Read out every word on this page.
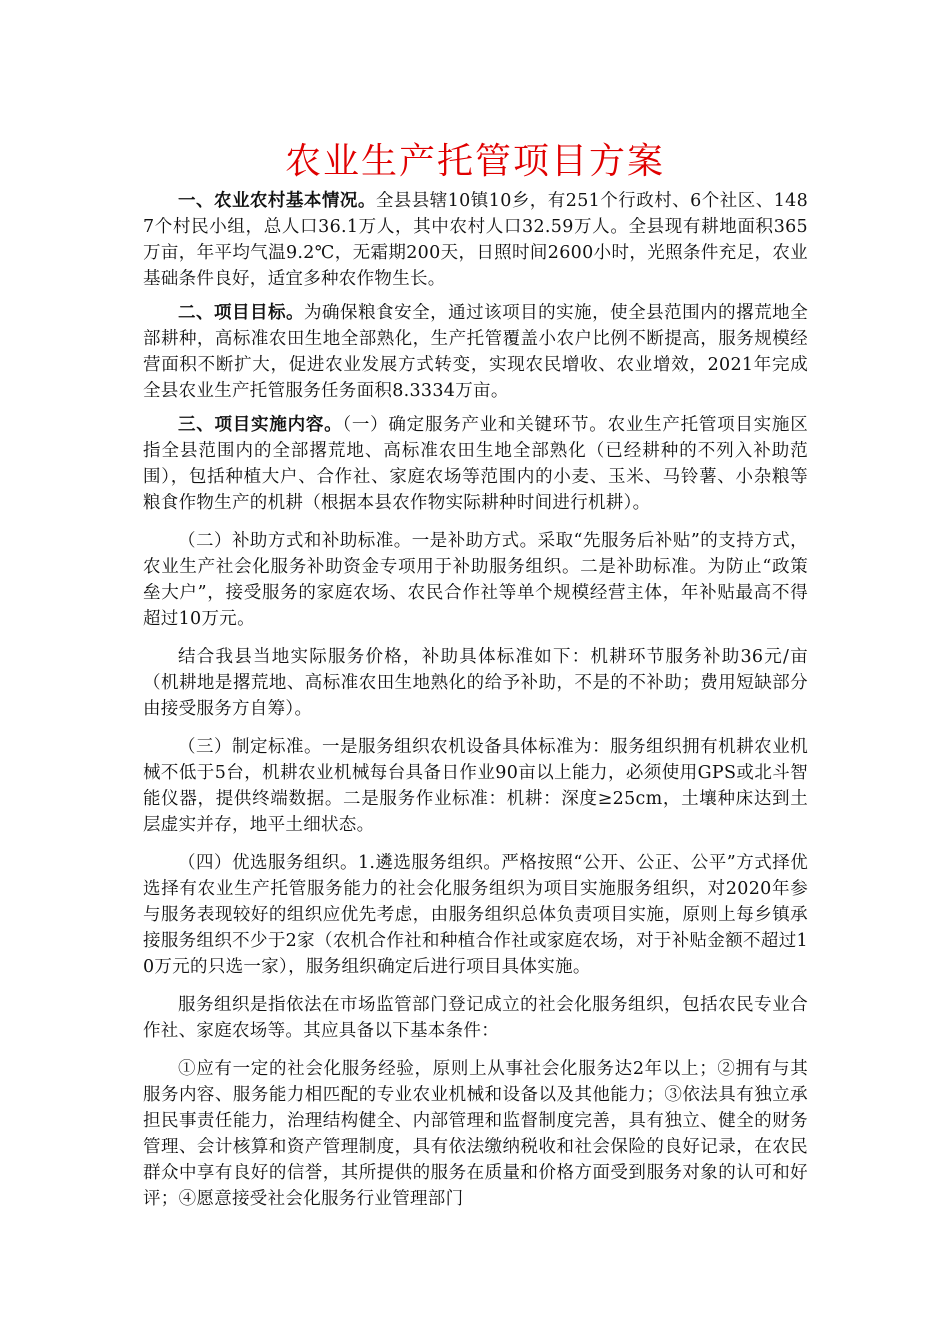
农业生产托管项目方案

一、农业农村基本情况。全县县辖10镇10乡，有251个行政村、6个社区、1487个村民小组，总人口36.1万人，其中农村人口32.59万人。全县现有耕地面积365万亩，年平均气温9.2℃，无霜期200天，日照时间2600小时，光照条件充足，农业基础条件良好，适宜多种农作物生长。

二、项目目标。为确保粮食安全，通过该项目的实施，使全县范围内的撂荒地全部耕种，高标准农田生地全部熟化，生产托管覆盖小农户比例不断提高，服务规模经营面积不断扩大，促进农业发展方式转变，实现农民增收、农业增效，2021年完成全县农业生产托管服务任务面积8.3334万亩。

三、项目实施内容。（一）确定服务产业和关键环节。农业生产托管项目实施区指全县范围内的全部撂荒地、高标准农田生地全部熟化（已经耕种的不列入补助范围），包括种植大户、合作社、家庭农场等范围内的小麦、玉米、马铃薯、小杂粮等粮食作物生产的机耕（根据本县农作物实际耕种时间进行机耕）。

（二）补助方式和补助标准。一是补助方式。采取“先服务后补贴”的支持方式，农业生产社会化服务补助资金专项用于补助服务组织。二是补助标准。为防止“政策垒大户”，接受服务的家庭农场、农民合作社等单个规模经营主体，年补贴最高不得超过10万元。

结合我县当地实际服务价格，补助具体标准如下：机耕环节服务补助36元/亩（机耕地是撂荒地、高标准农田生地熟化的给予补助，不是的不补助；费用短缺部分由接受服务方自筹）。

（三）制定标准。一是服务组织农机设备具体标准为：服务组织拥有机耕农业机械不低于5台，机耕农业机械每台具备日作业90亩以上能力，必须使用GPS或北斗智能仪器，提供终端数据。二是服务作业标准：机耕：深度≥25cm，土壤种床达到土层虚实并存，地平土细状态。

（四）优选服务组织。1.遴选服务组织。严格按照“公开、公正、公平”方式择优选择有农业生产托管服务能力的社会化服务组织为项目实施服务组织，对2020年参与服务表现较好的组织应优先考虑，由服务组织总体负责项目实施，原则上每乡镇承接服务组织不少于2家（农机合作社和种植合作社或家庭农场，对于补贴金额不超过10万元的只选一家），服务组织确定后进行项目具体实施。

服务组织是指依法在市场监管部门登记成立的社会化服务组织，包括农民专业合作社、家庭农场等。其应具备以下基本条件：

①应有一定的社会化服务经验，原则上从事社会化服务达2年以上；②拥有与其服务内容、服务能力相匹配的专业农业机械和设备以及其他能力；③依法具有独立承担民事责任能力，治理结构健全、内部管理和监督制度完善，具有独立、健全的财务管理、会计核算和资产管理制度，具有依法缴纳税收和社会保险的良好记录，在农民群众中享有良好的信誉，其所提供的服务在质量和价格方面受到服务对象的认可和好评；④愿意接受社会化服务行业管理部门
